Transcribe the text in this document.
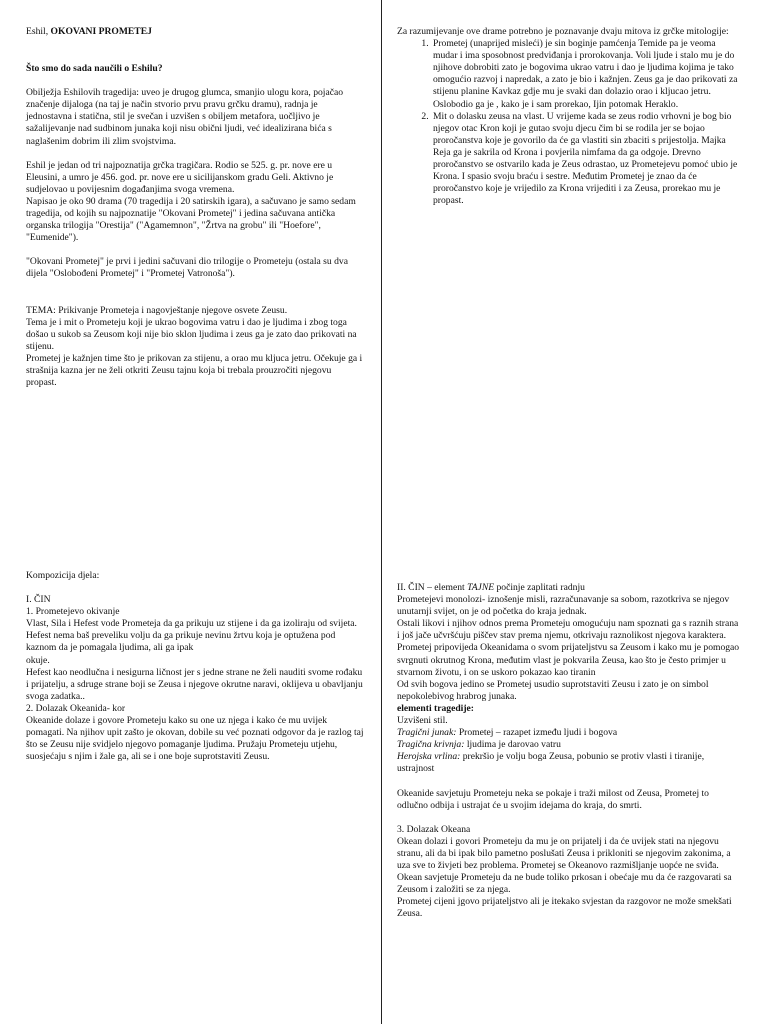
Eshil, OKOVANI PROMETEJ

Što smo do sada naučili o Eshilu?

Obilježja Eshilovih tragedija: uveo je drugog glumca, smanjio ulogu kora, pojačao značenje dijaloga (na taj je način stvorio prvu pravu grčku dramu), radnja je jednostavna i statična, stil je svečan i uzvišen s obiljem metafora, uočljivo je sažalijevanje nad sudbinom junaka koji nisu obični ljudi, već idealizirana bića s naglašenim dobrim ili zlim svojstvima.

Eshil je jedan od tri najpoznatija grčka tragičara. Rodio se 525. g. pr. nove ere u Eleusini, a umro je 456. god. pr. nove ere u sicilijanskom gradu Geli. Aktivno je sudjelovao u povijesnim događanjima svoga vremena.

Napisao je oko 90 drama (70 tragedija i 20 satirskih igara), a sačuvano je samo sedam tragedija, od kojih su najpoznatije "Okovani Prometej" i jedina sačuvana antička organska trilogija "Orestija" ("Agamemnon", "Žrtva na grobu" ili "Hoefore", "Eumenide").

"Okovani Prometej" je prvi i jedini sačuvani dio trilogije o Prometeju (ostala su dva dijela "Oslobođeni Prometej" i "Prometej Vatronoša").

TEMA: Prikivanje Prometeja i nagovještanje njegove osvete Zeusu.

Tema je i mit o Prometeju koji je ukrao bogovima vatru i dao je ljudima i zbog toga došao u sukob sa Zeusom koji nije bio sklon ljudima i zeus ga je zato dao prikovati na stijenu.

Prometej je kažnjen time što je prikovan za stijenu, a orao mu kljuca jetru. Očekuje ga i strašnija kazna jer ne želi otkriti Zeusu tajnu koja bi trebala prouzročiti njegovu propast.

Za razumijevanje ove drame potrebno je poznavanje dvaju mitova iz grčke mitologije:

1. Prometej (unaprijed misleći) je sin boginje pamćenja Temide pa je veoma mudar i ima sposobnost predviđanja i prorokovanja. Voli ljude i stalo mu je do njihove dobrobiti zato je bogovima ukrao vatru i dao je ljudima kojima je tako omogućio razvoj i napredak, a zato je bio i kažnjen. Zeus ga je dao prikovati za stijenu planine Kavkaz gdje mu je svaki dan dolazio orao i kljucao jetru. Oslobodio ga je , kako je i sam prorekao, Ijin potomak Heraklo.
2. Mit o dolasku zeusa na vlast. U vrijeme kada se zeus rodio vrhovni je bog bio njegov otac Kron koji je gutao svoju djecu čim bi se rodila jer se bojao proročanstva koje je govorilo da će ga vlastiti sin zbaciti s prijestolja. Majka Reja ga je sakrila od Krona i povjerila nimfama da ga odgoje. Drevno proročanstvo se ostvarilo kada je Zeus odrastao, uz Prometejevu pomoć ubio je Krona. I spasio svoju braću i sestre. Međutim Prometej je znao da će proročanstvo koje je vrijedilo za Krona vrijediti i za Zeusa, prorekao mu je propast.

Kompozicija djela:

I. ČIN

1. Prometejevo okivanje

Vlast, Sila i Hefest vode Prometeja da ga prikuju uz stijene i da ga izoliraju od svijeta. Hefest nema baš preveliku volju da ga prikuje nevinu žrtvu koja je optužena pod kaznom da je pomagala ljudima, ali ga ipak

okuje.

Hefest kao neodlučna i nesigurna ličnost jer s jedne strane ne želi nauditi svome rođaku i prijatelju, a sdruge strane boji se Zeusa i njegove okrutne naravi, oklijeva u obavljanju svoga zadatka..

2. Dolazak Okeanida- kor

Okeanide dolaze i govore Prometeju kako su one uz njega i kako će mu uvijek pomagati. Na njihov upit zašto je okovan, dobile su već poznati odgovor da je razlog taj što se Zeusu nije svidjelo njegovo pomaganje ljudima. Pružaju Prometeju utjehu, suosjećaju s njim i žale ga, ali se i one boje suprotstaviti Zeusu.

II. ČIN – element TAJNE počinje zaplitati radnju

Prometejevi monolozi- iznošenje misli, razračunavanje sa sobom, razotkriva se njegov unutarnji svijet, on je od početka do kraja jednak.

Ostali likovi i njihov odnos prema Prometeju omogućuju nam spoznati ga s raznih strana i još jače učvršćuju piščev stav prema njemu, otkrivaju raznolikost njegova karaktera.

Prometej pripovijeda Okeanidama o svom prijateljstvu sa Zeusom i kako mu je pomogao svrgnuti okrutnog Krona, međutim vlast je pokvarila Zeusa, kao što je često primjer u stvarnom životu, i on se uskoro pokazao kao tiranin

Od svih bogova jedino se Prometej usudio suprotstaviti Zeusu i zato je on simbol nepokolebivog hrabrog junaka.

elementi tragedije:

Uzvišeni stil.

Tragični junak: Prometej – razapet između ljudi i bogova

Tragična krivnja: ljudima je darovao vatru

Herojska vrlina: prekršio je volju boga Zeusa, pobunio se protiv vlasti i tiranije, ustrajnost

Okeanide savjetuju Prometeju neka se pokaje i traži milost od Zeusa, Prometej to odlučno odbija i ustrajat će u svojim idejama do kraja, do smrti.

3. Dolazak Okeana

Okean dolazi i govori Prometeju da mu je on prijatelj i da će uvijek stati na njegovu stranu, ali da bi ipak bilo pametno poslušati Zeusa i prikloniti se njegovim zakonima, a uza sve to živjeti bez problema. Prometej se Okeanovo razmišljanje uopće ne sviđa.

Okean savjetuje Prometeju da ne bude toliko prkosan i obećaje mu da će razgovarati sa Zeusom i založiti se za njega.

Prometej cijeni jgovo prijateljstvo ali je itekako svjestan da razgovor ne može smekšati Zeusa.
